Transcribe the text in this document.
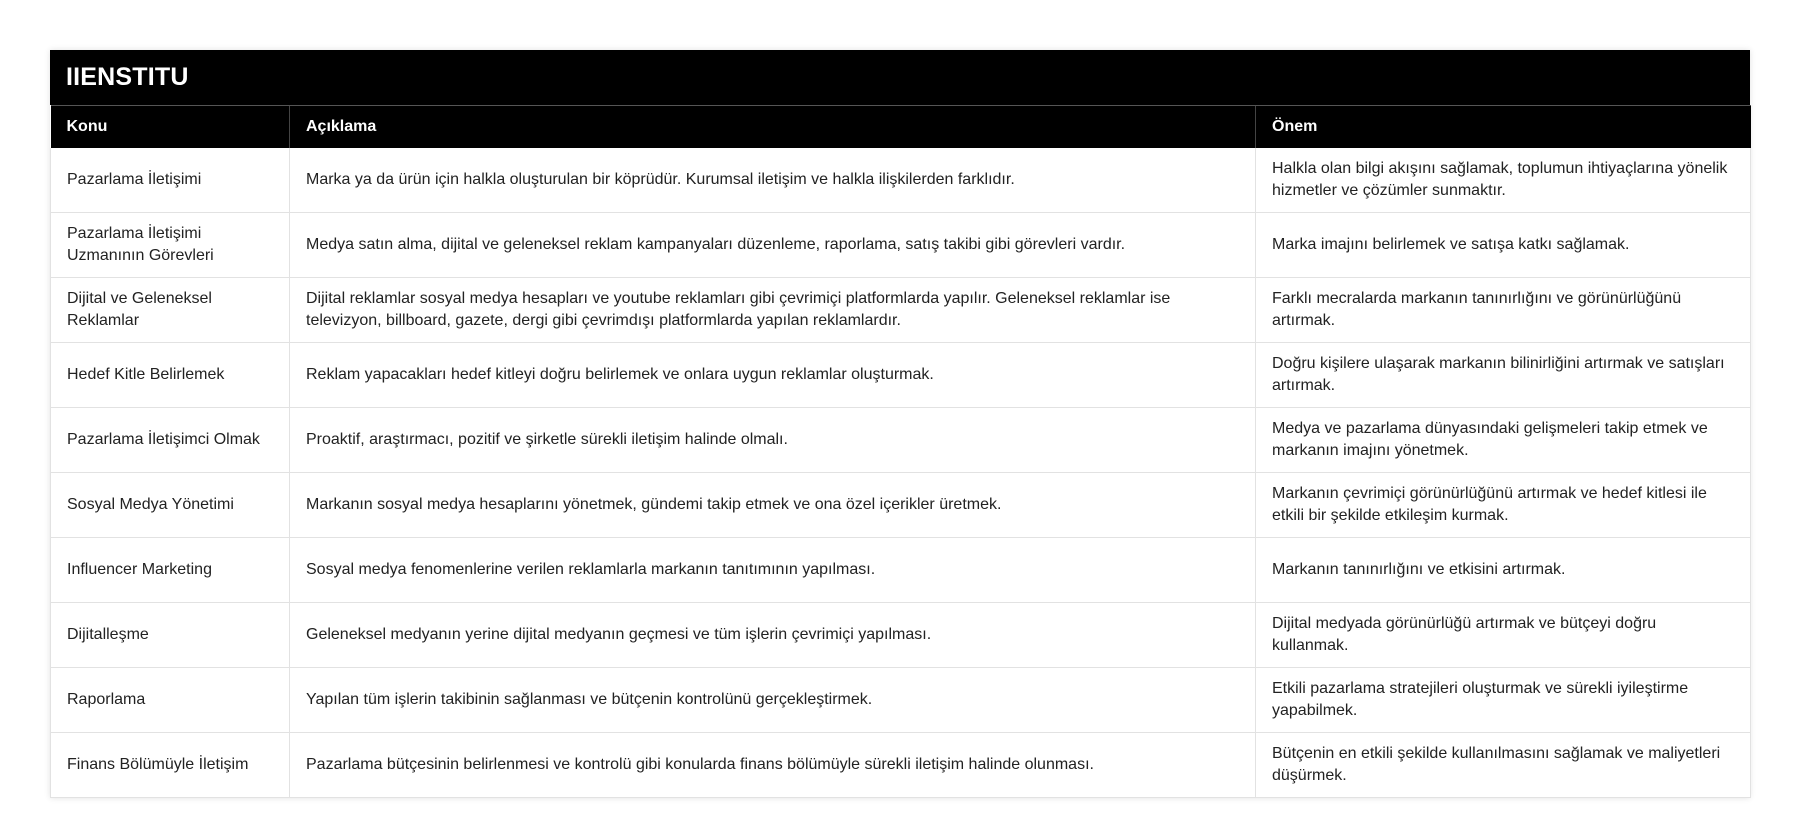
IIENSTITU
Konu	Açıklama	Önem
Pazarlama İletişimi	Marka ya da ürün için halkla oluşturulan bir köprüdür. Kurumsal iletişim ve halkla ilişkilerden farklıdır.	Halkla olan bilgi akışını sağlamak, toplumun ihtiyaçlarına yönelik hizmetler ve çözümler sunmaktır.
Pazarlama İletişimi Uzmanının Görevleri	Medya satın alma, dijital ve geleneksel reklam kampanyaları düzenleme, raporlama, satış takibi gibi görevleri vardır.	Marka imajını belirlemek ve satışa katkı sağlamak.
Dijital ve Geleneksel Reklamlar	Dijital reklamlar sosyal medya hesapları ve youtube reklamları gibi çevrimiçi platformlarda yapılır. Geleneksel reklamlar ise televizyon, billboard, gazete, dergi gibi çevrimdışı platformlarda yapılan reklamlardır.	Farklı mecralarda markanın tanınırlığını ve görünürlüğünü artırmak.
Hedef Kitle Belirlemek	Reklam yapacakları hedef kitleyi doğru belirlemek ve onlara uygun reklamlar oluşturmak.	Doğru kişilere ulaşarak markanın bilinirliğini artırmak ve satışları artırmak.
Pazarlama İletişimci Olmak	Proaktif, araştırmacı, pozitif ve şirketle sürekli iletişim halinde olmalı.	Medya ve pazarlama dünyasındaki gelişmeleri takip etmek ve markanın imajını yönetmek.
Sosyal Medya Yönetimi	Markanın sosyal medya hesaplarını yönetmek, gündemi takip etmek ve ona özel içerikler üretmek.	Markanın çevrimiçi görünürlüğünü artırmak ve hedef kitlesi ile etkili bir şekilde etkileşim kurmak.
Influencer Marketing	Sosyal medya fenomenlerine verilen reklamlarla markanın tanıtımının yapılması.	Markanın tanınırlığını ve etkisini artırmak.
Dijitalleşme	Geleneksel medyanın yerine dijital medyanın geçmesi ve tüm işlerin çevrimiçi yapılması.	Dijital medyada görünürlüğü artırmak ve bütçeyi doğru kullanmak.
Raporlama	Yapılan tüm işlerin takibinin sağlanması ve bütçenin kontrolünü gerçekleştirmek.	Etkili pazarlama stratejileri oluşturmak ve sürekli iyileştirme yapabilmek.
Finans Bölümüyle İletişim	Pazarlama bütçesinin belirlenmesi ve kontrolü gibi konularda finans bölümüyle sürekli iletişim halinde olunması.	Bütçenin en etkili şekilde kullanılmasını sağlamak ve maliyetleri düşürmek.
